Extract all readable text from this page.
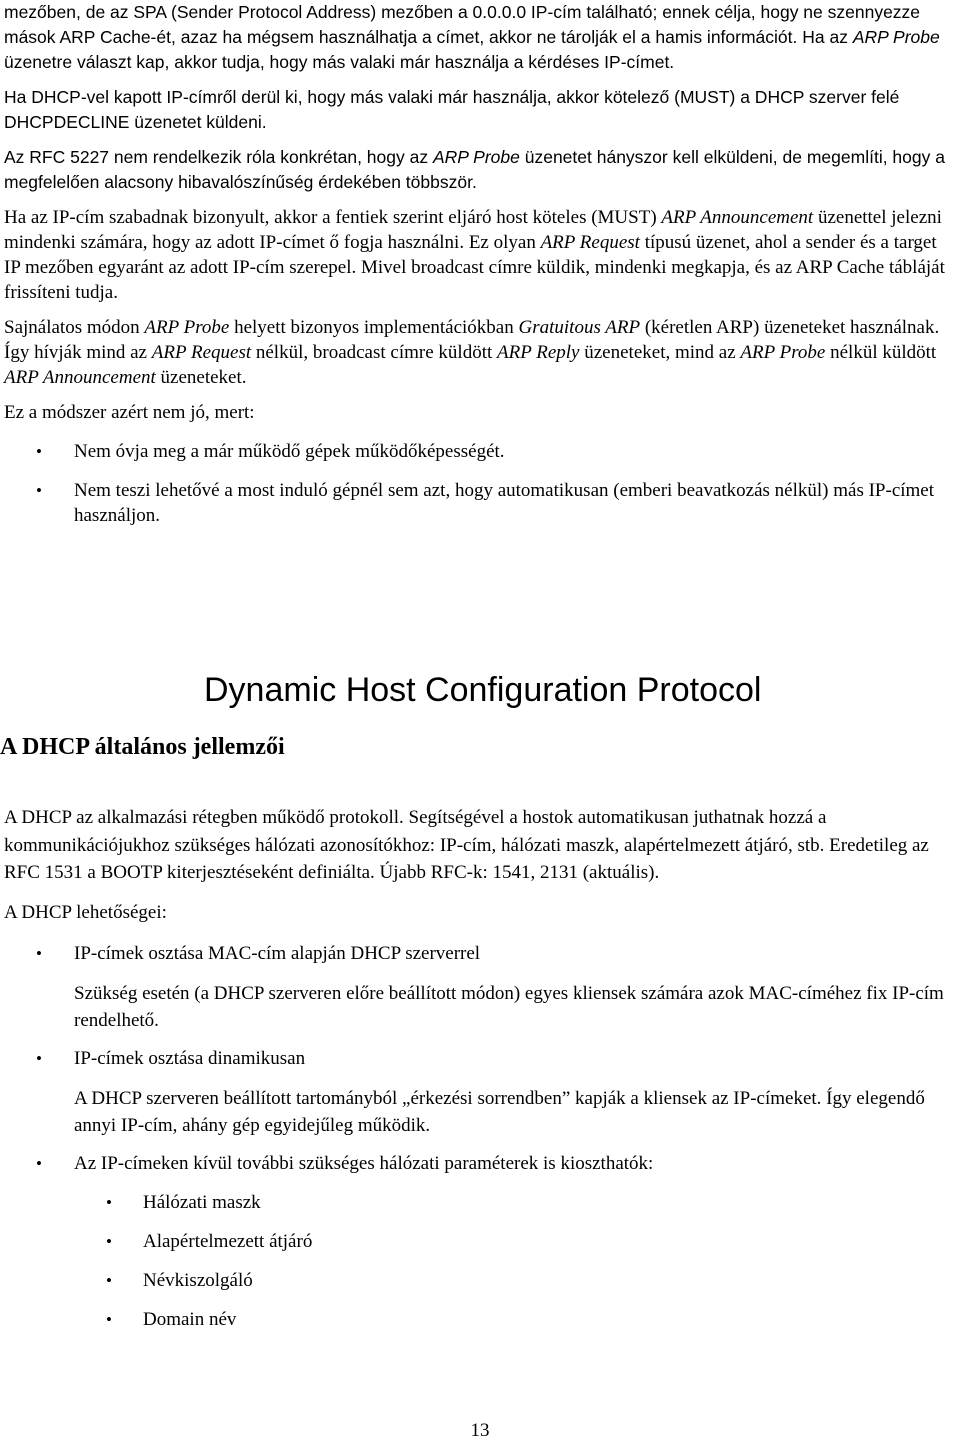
mezőben, de az SPA (Sender Protocol Address) mezőben a 0.0.0.0 IP-cím található; ennek célja, hogy ne szennyezze mások ARP Cache-ét, azaz ha mégsem használhatja a címet, akkor ne tárolják el a hamis információt. Ha az ARP Probe üzenetre választ kap, akkor tudja, hogy más valaki már használja a kérdéses IP-címet.

Ha DHCP-vel kapott IP-címről derül ki, hogy más valaki már használja, akkor kötelező (MUST) a DHCP szerver felé DHCPDECLINE üzenetet küldeni.

Az RFC 5227 nem rendelkezik róla konkrétan, hogy az ARP Probe üzenetet hányszor kell elküldeni, de megemlíti, hogy a megfelelően alacsony hibavalószínűség érdekében többször.

Ha az IP-cím szabadnak bizonyult, akkor a fentiek szerint eljáró host köteles (MUST) ARP Announcement üzenettel jelezni mindenki számára, hogy az adott IP-címet ő fogja használni. Ez olyan ARP Request típusú üzenet, ahol a sender és a target IP mezőben egyaránt az adott IP-cím szerepel. Mivel broadcast címre küldik, mindenki megkapja, és az ARP Cache tábláját frissíteni tudja.

Sajnálatos módon ARP Probe helyett bizonyos implementációkban Gratuitous ARP (kéretlen ARP) üzeneteket használnak. Így hívják mind az ARP Request nélkül, broadcast címre küldött ARP Reply üzeneteket, mind az ARP Probe nélkül küldött ARP Announcement üzeneteket.

Ez a módszer azért nem jó, mert:

• Nem óvja meg a már működő gépek működőképességét.
• Nem teszi lehetővé a most induló gépnél sem azt, hogy automatikusan (emberi beavatkozás nélkül) más IP-címet használjon.
Dynamic Host Configuration Protocol
A DHCP általános jellemzői

A DHCP az alkalmazási rétegben működő protokoll. Segítségével a hostok automatikusan juthatnak hozzá a kommunikációjukhoz szükséges hálózati azonosítókhoz: IP-cím, hálózati maszk, alapértelmezett átjáró, stb. Eredetileg az RFC 1531 a BOOTP kiterjesztéseként definiálta. Újabb RFC-k: 1541, 2131 (aktuális).

A DHCP lehetőségei:

• IP-címek osztása MAC-cím alapján DHCP szerverrel
Szükség esetén (a DHCP szerveren előre beállított módon) egyes kliensek számára azok MAC-címéhez fix IP-cím rendelhető.
• IP-címek osztása dinamikusan
A DHCP szerveren beállított tartományból „érkezési sorrendben” kapják a kliensek az IP-címeket. Így elegendő annyi IP-cím, ahány gép egyidejűleg működik.
• Az IP-címeken kívül további szükséges hálózati paraméterek is kioszthatók:
• Hálózati maszk
• Alapértelmezett átjáró
• Névkiszolgáló
• Domain név
13
